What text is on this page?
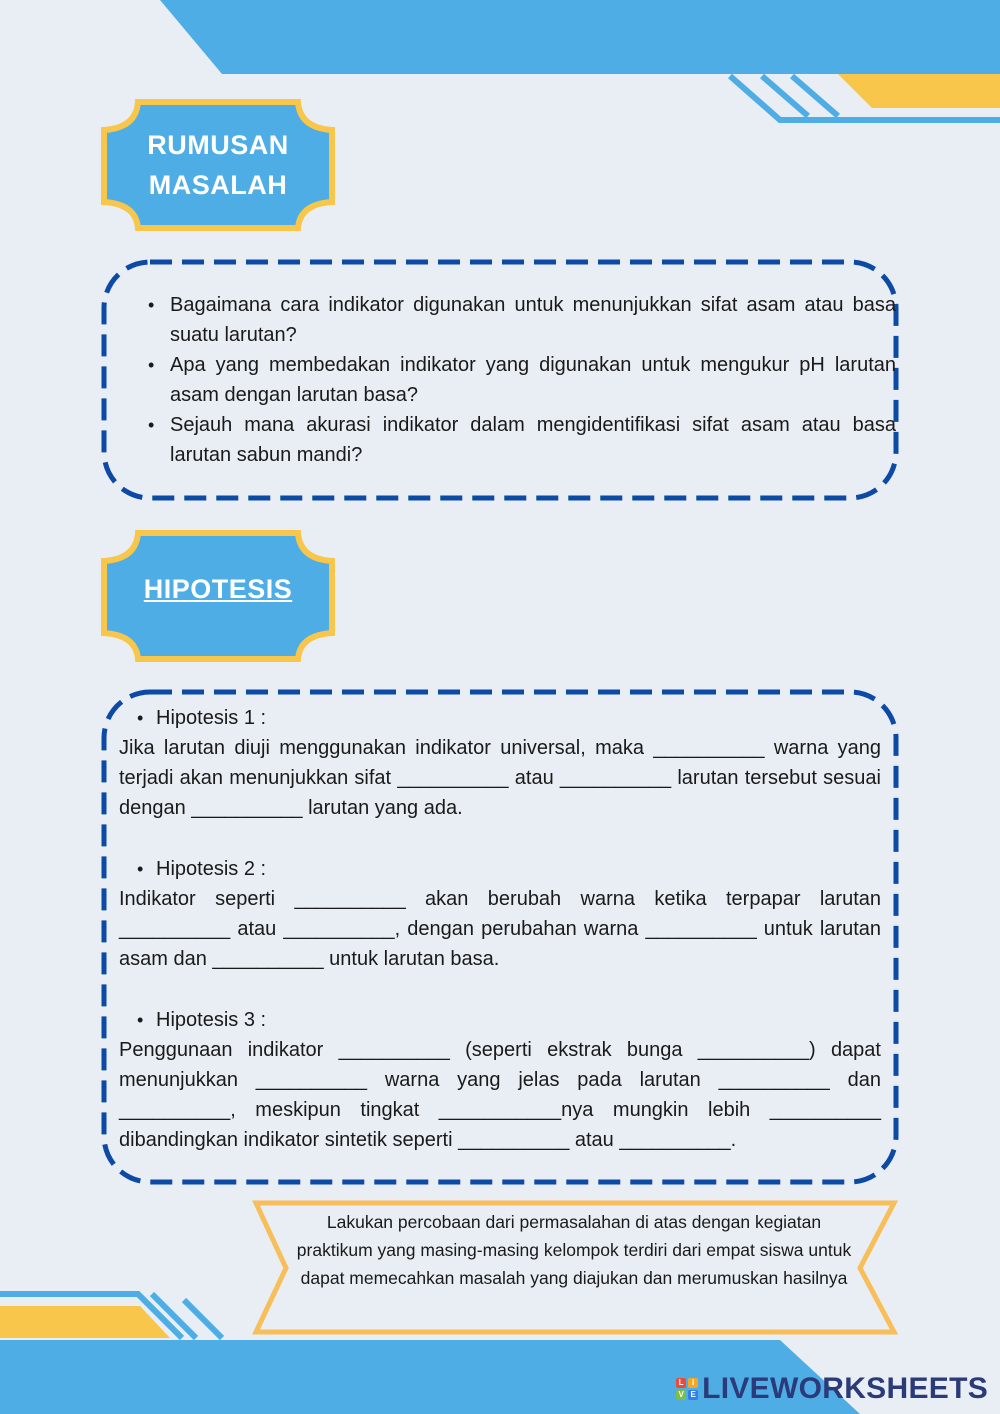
RUMUSAN
MASALAH
• Bagaimana cara indikator digunakan untuk menunjukkan sifat asam atau basa suatu larutan?
• Apa yang membedakan indikator yang digunakan untuk mengukur pH larutan asam dengan larutan basa?
• Sejauh mana akurasi indikator dalam mengidentifikasi sifat asam atau basa larutan sabun mandi?
HIPOTESIS
• Hipotesis 1 :
Jika larutan diuji menggunakan indikator universal, maka __________ warna yang terjadi akan menunjukkan sifat __________ atau __________ larutan tersebut sesuai dengan __________ larutan yang ada.
• Hipotesis 2 :
Indikator seperti __________ akan berubah warna ketika terpapar larutan __________ atau __________, dengan perubahan warna __________ untuk larutan asam dan __________ untuk larutan basa.
• Hipotesis 3 :
Penggunaan indikator __________ (seperti ekstrak bunga __________) dapat menunjukkan __________ warna yang jelas pada larutan __________ dan __________, meskipun tingkat ___________nya mungkin lebih __________ dibandingkan indikator sintetik seperti __________ atau __________.
Lakukan percobaan dari permasalahan di atas dengan kegiatan praktikum yang masing-masing kelompok terdiri dari empat siswa untuk dapat memecahkan masalah yang diajukan dan merumuskan hasilnya
L	I
V E LIVEWORKSHEETS
